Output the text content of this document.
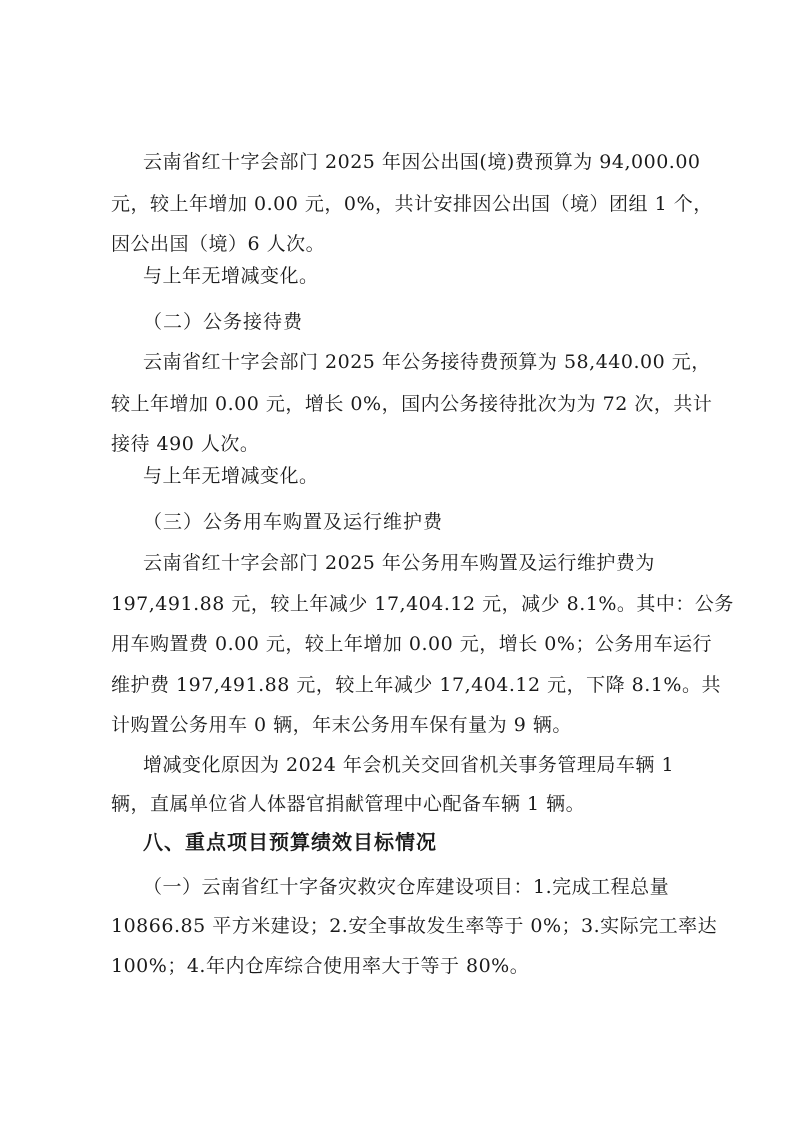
云南省红十字会部门 2025 年因公出国(境)费预算为 94,000.00
元，较上年增加 0.00 元，0%，共计安排因公出国（境）团组 1 个，
因公出国（境）6 人次。
与上年无增减变化。
（二）公务接待费
云南省红十字会部门 2025 年公务接待费预算为 58,440.00 元，
较上年增加 0.00 元，增长 0%，国内公务接待批次为为 72 次，共计
接待 490 人次。
与上年无增减变化。
（三）公务用车购置及运行维护费
云南省红十字会部门 2025 年公务用车购置及运行维护费为
197,491.88 元，较上年减少 17,404.12 元，减少 8.1%。其中：公务
用车购置费 0.00 元，较上年增加 0.00 元，增长 0%；公务用车运行
维护费 197,491.88 元，较上年减少 17,404.12 元，下降 8.1%。共
计购置公务用车 0 辆，年末公务用车保有量为 9 辆。
增减变化原因为 2024 年会机关交回省机关事务管理局车辆 1
辆，直属单位省人体器官捐献管理中心配备车辆 1 辆。
八、重点项目预算绩效目标情况
（一）云南省红十字备灾救灾仓库建设项目：1.完成工程总量
10866.85 平方米建设；2.安全事故发生率等于 0%；3.实际完工率达
100%；4.年内仓库综合使用率大于等于 80%。
